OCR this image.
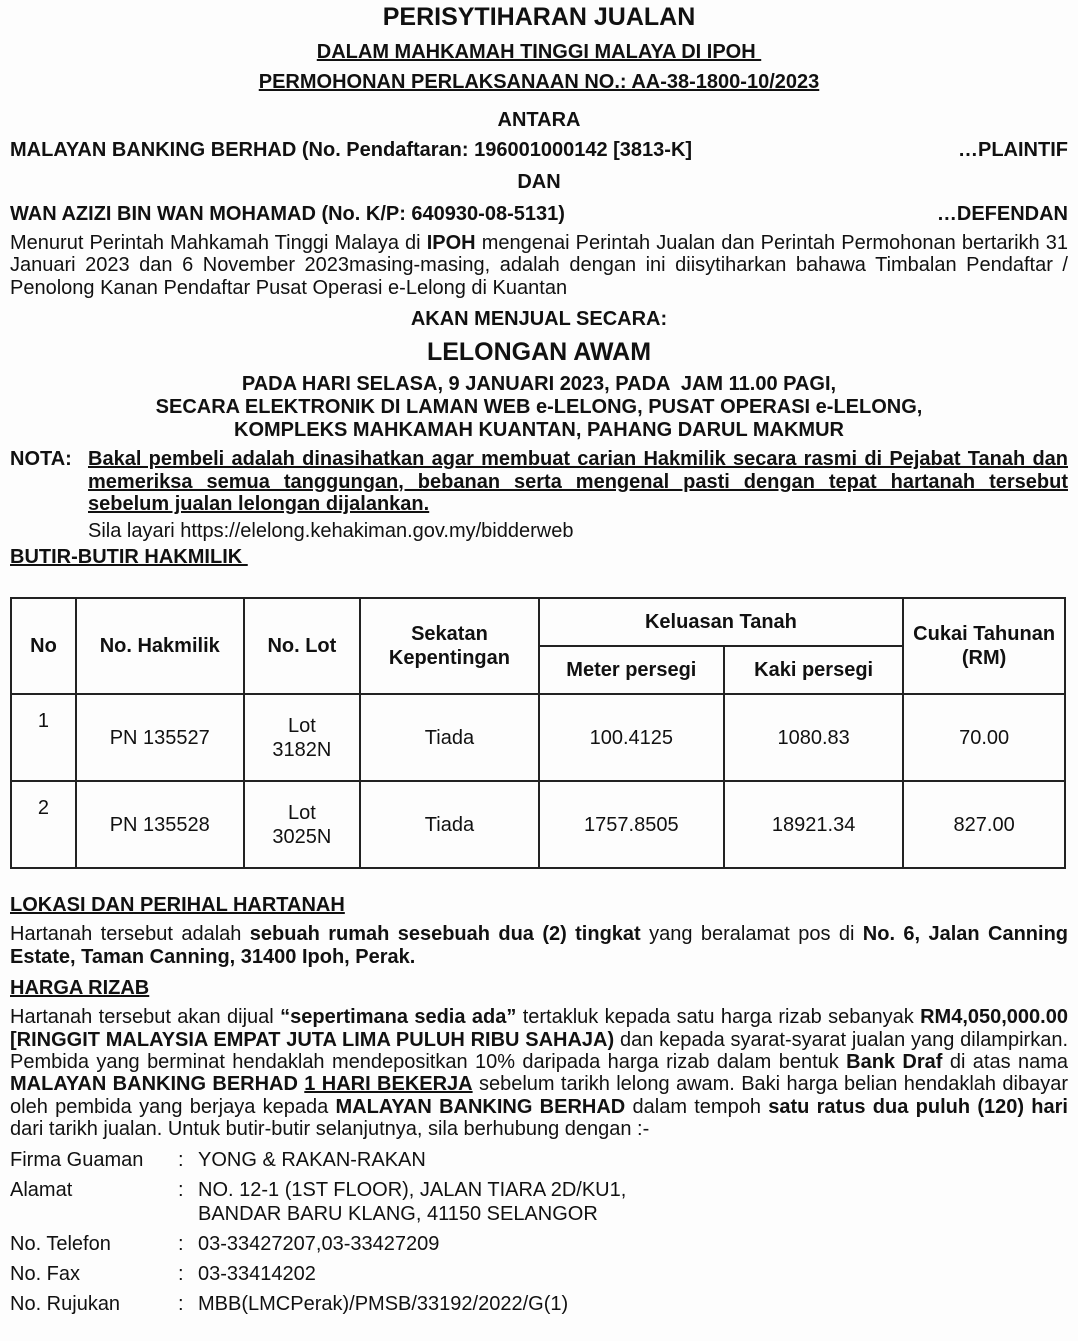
PERISYTIHARAN JUALAN
DALAM MAHKAMAH TINGGI MALAYA DI IPOH
PERMOHONAN PERLAKSANAAN NO.: AA-38-1800-10/2023
ANTARA
MALAYAN BANKING BERHAD (No. Pendaftaran: 196001000142 [3813-K]	…PLAINTIF
DAN
WAN AZIZI BIN WAN MOHAMAD (No. K/P: 640930-08-5131)	…DEFENDAN
Menurut Perintah Mahkamah Tinggi Malaya di IPOH mengenai Perintah Jualan dan Perintah Permohonan bertarikh 31 Januari 2023 dan 6 November 2023masing-masing, adalah dengan ini diisytiharkan bahawa Timbalan Pendaftar / Penolong Kanan Pendaftar Pusat Operasi e-Lelong di Kuantan
AKAN MENJUAL SECARA:
LELONGAN AWAM
PADA HARI SELASA, 9 JANUARI 2023, PADA  JAM 11.00 PAGI,
SECARA ELEKTRONIK DI LAMAN WEB e-LELONG, PUSAT OPERASI e-LELONG,
KOMPLEKS MAHKAMAH KUANTAN, PAHANG DARUL MAKMUR
NOTA: Bakal pembeli adalah dinasihatkan agar membuat carian Hakmilik secara rasmi di Pejabat Tanah dan memeriksa semua tanggungan, bebanan serta mengenal pasti dengan tepat hartanah tersebut sebelum jualan lelongan dijalankan.
Sila layari https://elelong.kehakiman.gov.my/bidderweb
BUTIR-BUTIR HAKMILIK
No	No. Hakmilik	No. Lot	Sekatan Kepentingan	Keluasan Tanah		Cukai Tahunan (RM)
				Meter persegi	Kaki persegi	
1	PN 135527	Lot 3182N	Tiada	100.4125	1080.83	70.00
2	PN 135528	Lot 3025N	Tiada	1757.8505	18921.34	827.00
LOKASI DAN PERIHAL HARTANAH
Hartanah tersebut adalah sebuah rumah sesebuah dua (2) tingkat yang beralamat pos di No. 6, Jalan Canning Estate, Taman Canning, 31400 Ipoh, Perak.
HARGA RIZAB
Hartanah tersebut akan dijual “sepertimana sedia ada” tertakluk kepada satu harga rizab sebanyak RM4,050,000.00 [RINGGIT MALAYSIA EMPAT JUTA LIMA PULUH RIBU SAHAJA) dan kepada syarat-syarat jualan yang dilampirkan. Pembida yang berminat hendaklah mendepositkan 10% daripada harga rizab dalam bentuk Bank Draf di atas nama MALAYAN BANKING BERHAD 1 HARI BEKERJA sebelum tarikh lelong awam. Baki harga belian hendaklah dibayar oleh pembida yang berjaya kepada MALAYAN BANKING BERHAD dalam tempoh satu ratus dua puluh (120) hari dari tarikh jualan. Untuk butir-butir selanjutnya, sila berhubung dengan :-
Firma Guaman	: YONG & RAKAN-RAKAN
Alamat	: NO. 12-1 (1ST FLOOR), JALAN TIARA 2D/KU1,
BANDAR BARU KLANG, 41150 SELANGOR
No. Telefon	: 03-33427207,03-33427209
No. Fax	: 03-33414202
No. Rujukan	: MBB(LMCPerak)/PMSB/33192/2022/G(1)
